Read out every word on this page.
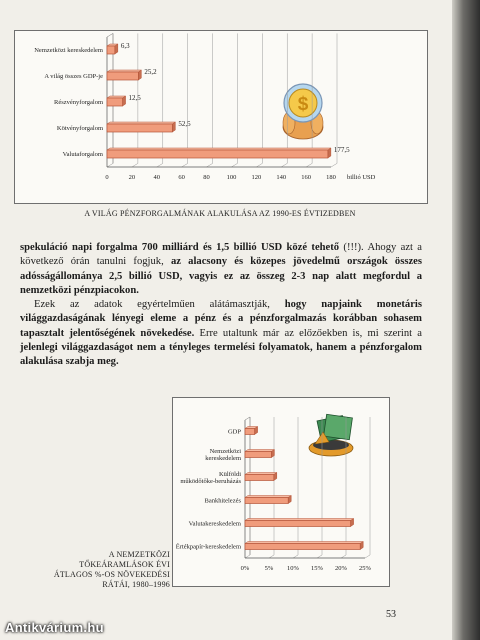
$
0	20	40	60	80	100 120 140 160 180 billió USD
Nemzetközi kereskedelem
6,3
A világ összes GDP-je
25,2
Részvényforgalom
12,5
Kötvényforgalom
52,5
Valutaforgalom
177,5
A VILÁG PÉNZFORGALMÁNAK ALAKULÁSA AZ 1990-ES ÉVTIZEDBEN

spekuláció napi forgalma 700 milliárd és 1,5 billió USD közé tehető (!!!). Ahogy azt a következő órán tanulni fogjuk, az alacsony és közepes jövedelmű országok összes adósságállománya 2,5 billió USD, vagyis ez az összeg 2-3 nap alatt megfordul a nemzetközi pénzpiacokon.

Ezek az adatok egyértelműen alátámasztják, hogy napjaink monetáris világgazdaságának lényegi eleme a pénz és a pénzforgalmazás korábban sohasem tapasztalt jelentőségének növekedése. Erre utaltunk már az előzőekben is, mi szerint a jelenlegi világgazdaságot nem a tényleges termelési folyamatok, hanem a pénzforgalom alakulása szabja meg.

0% 5% 10% 15% 20% 25%
GDP
Nemzetközi
kereskedelem
Külföldi
működőtőke-beruházás
Bankhitelezés
Valutakereskedelem
Értékpapír-kereskedelem
A NEMZETKÖZI
TŐKEÁRAMLÁSOK ÉVI
ÁTLAGOS %-OS NÖVEKEDÉSI
RÁTÁI, 1980–1996
53
Antikvárium.hu
